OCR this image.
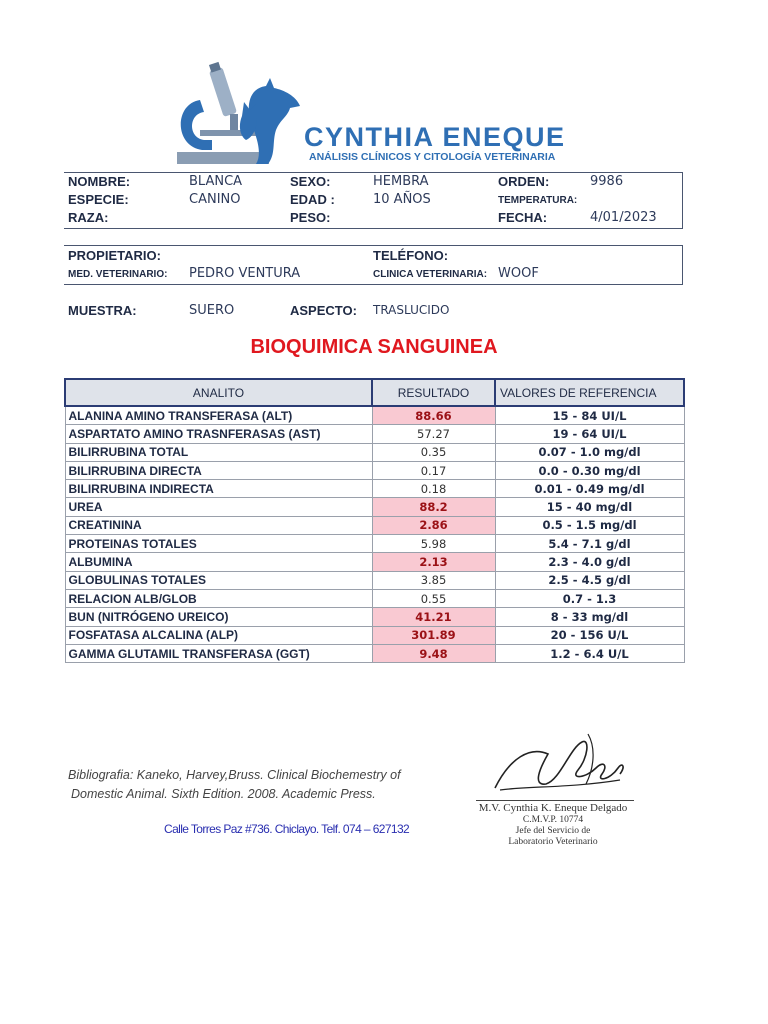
CYNTHIA ENEQUE
ANÁLISIS CLÍNICOS Y CITOLOGÍA VETERINARIA
NOMBRE:	BLANCA	SEXO:	HEMBRA	ORDEN:	9986
ESPECIE:	CANINO	EDAD :	10 AÑOS	TEMPERATURA:
RAZA:	PESO:	FECHA:	4/01/2023
PROPIETARIO:	TELÉFONO:
MED. VETERINARIO: PEDRO VENTURA	CLINICA VETERINARIA: WOOF
MUESTRA:	SUERO	ASPECTO: TRASLUCIDO
BIOQUIMICA SANGUINEA
ANALITO	RESULTADO	VALORES DE REFERENCIA
ALANINA AMINO TRANSFERASA (ALT)	88.66	15 - 84 UI/L
ASPARTATO AMINO TRASNFERASAS (AST)	57.27	19 - 64 UI/L
BILIRRUBINA TOTAL	0.35	0.07 - 1.0 mg/dl
BILIRRUBINA DIRECTA	0.17	0.0 - 0.30 mg/dl
BILIRRUBINA INDIRECTA	0.18	0.01 - 0.49 mg/dl
UREA	88.2	15 - 40 mg/dl
CREATININA	2.86	0.5 - 1.5 mg/dl
PROTEINAS TOTALES	5.98	5.4 - 7.1 g/dl
ALBUMINA	2.13	2.3 - 4.0 g/dl
GLOBULINAS TOTALES	3.85	2.5 - 4.5 g/dl
RELACION ALB/GLOB	0.55	0.7 - 1.3
BUN (NITRÓGENO UREICO)	41.21	8 - 33 mg/dl
FOSFATASA ALCALINA (ALP)	301.89	20 - 156 U/L
GAMMA GLUTAMIL TRANSFERASA (GGT)	9.48	1.2 - 6.4 U/L
Bibliografia: Kaneko, Harvey,Bruss. Clinical Biochemestry of
Domestic Animal. Sixth Edition. 2008. Academic Press.
Calle Torres Paz #736. Chiclayo. Telf. 074 – 627132
M.V. Cynthia K. Eneque Delgado
C.M.V.P. 10774
Jefe del Servicio de
Laboratorio Veterinario
